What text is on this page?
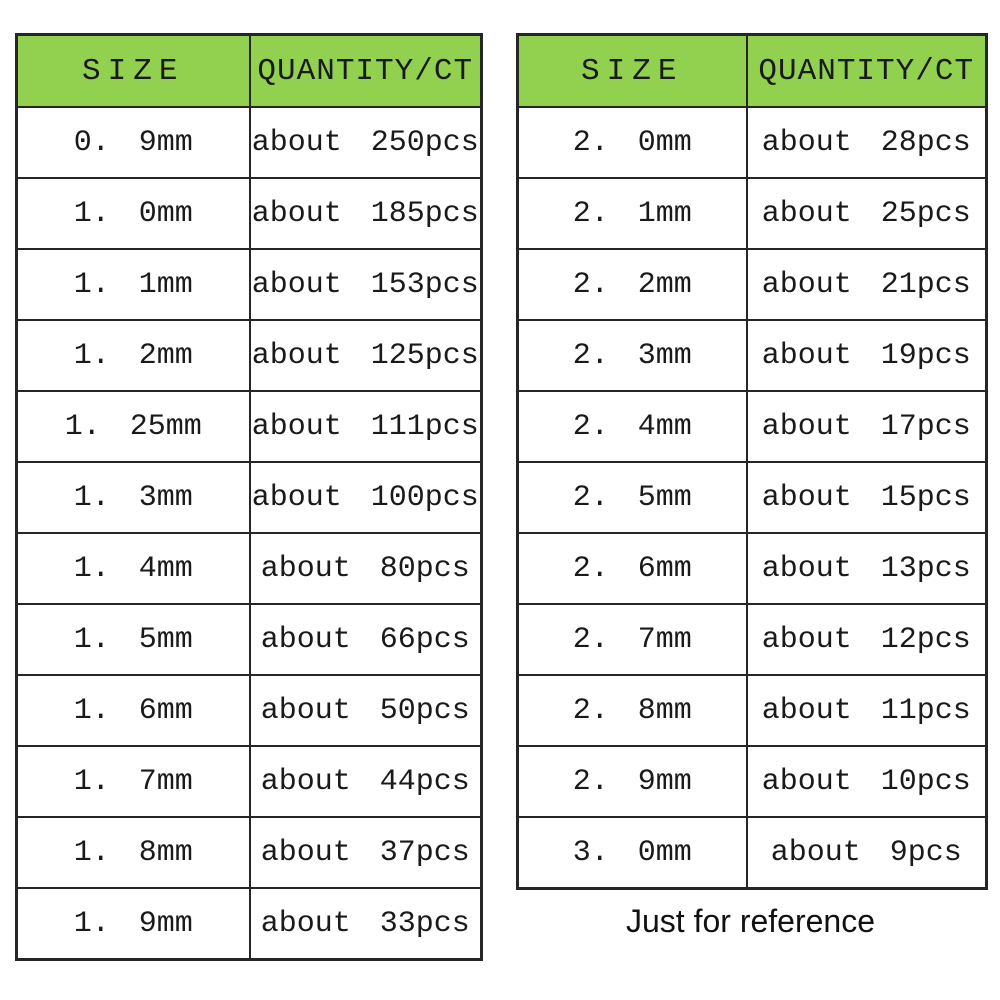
SIZE	QUANTITY/CT
0. 9mm	about 250pcs
1. 0mm	about 185pcs
1. 1mm	about 153pcs
1. 2mm	about 125pcs
1. 25mm	about 111pcs
1. 3mm	about 100pcs
1. 4mm	about 80pcs
1. 5mm	about 66pcs
1. 6mm	about 50pcs
1. 7mm	about 44pcs
1. 8mm	about 37pcs
1. 9mm	about 33pcs
SIZE	QUANTITY/CT
2. 0mm	about 28pcs
2. 1mm	about 25pcs
2. 2mm	about 21pcs
2. 3mm	about 19pcs
2. 4mm	about 17pcs
2. 5mm	about 15pcs
2. 6mm	about 13pcs
2. 7mm	about 12pcs
2. 8mm	about 11pcs
2. 9mm	about 10pcs
3. 0mm	about 9pcs
Just for reference
